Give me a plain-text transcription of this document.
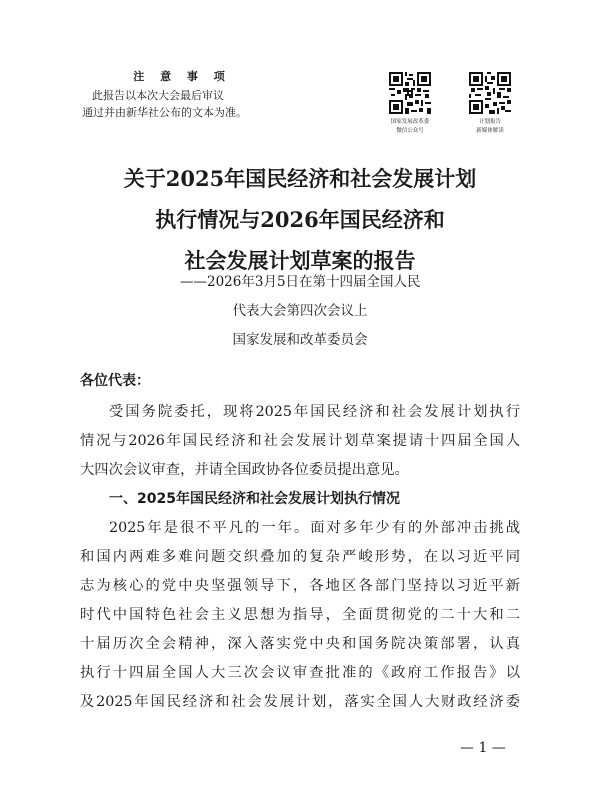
注 意 事 项
此报告以本次大会最后审议
通过并由新华社公布的文本为准。
国家发展改革委
微信公众号
计划报告
新媒体解读
关于2025年国民经济和社会发展计划
执行情况与2026年国民经济和
社会发展计划草案的报告
——2026年3月5日在第十四届全国人民
代表大会第四次会议上
国家发展和改革委员会
各位代表：
受国务院委托，现将2025年国民经济和社会发展计划执行
情况与2026年国民经济和社会发展计划草案提请十四届全国人
大四次会议审查，并请全国政协各位委员提出意见。
一、2025年国民经济和社会发展计划执行情况
2025年是很不平凡的一年。面对多年少有的外部冲击挑战
和国内两难多难问题交织叠加的复杂严峻形势，在以习近平同
志为核心的党中央坚强领导下，各地区各部门坚持以习近平新
时代中国特色社会主义思想为指导，全面贯彻党的二十大和二
十届历次全会精神，深入落实党中央和国务院决策部署，认真
执行十四届全国人大三次会议审查批准的《政府工作报告》以
及2025年国民经济和社会发展计划，落实全国人大财政经济委
— 1 —
